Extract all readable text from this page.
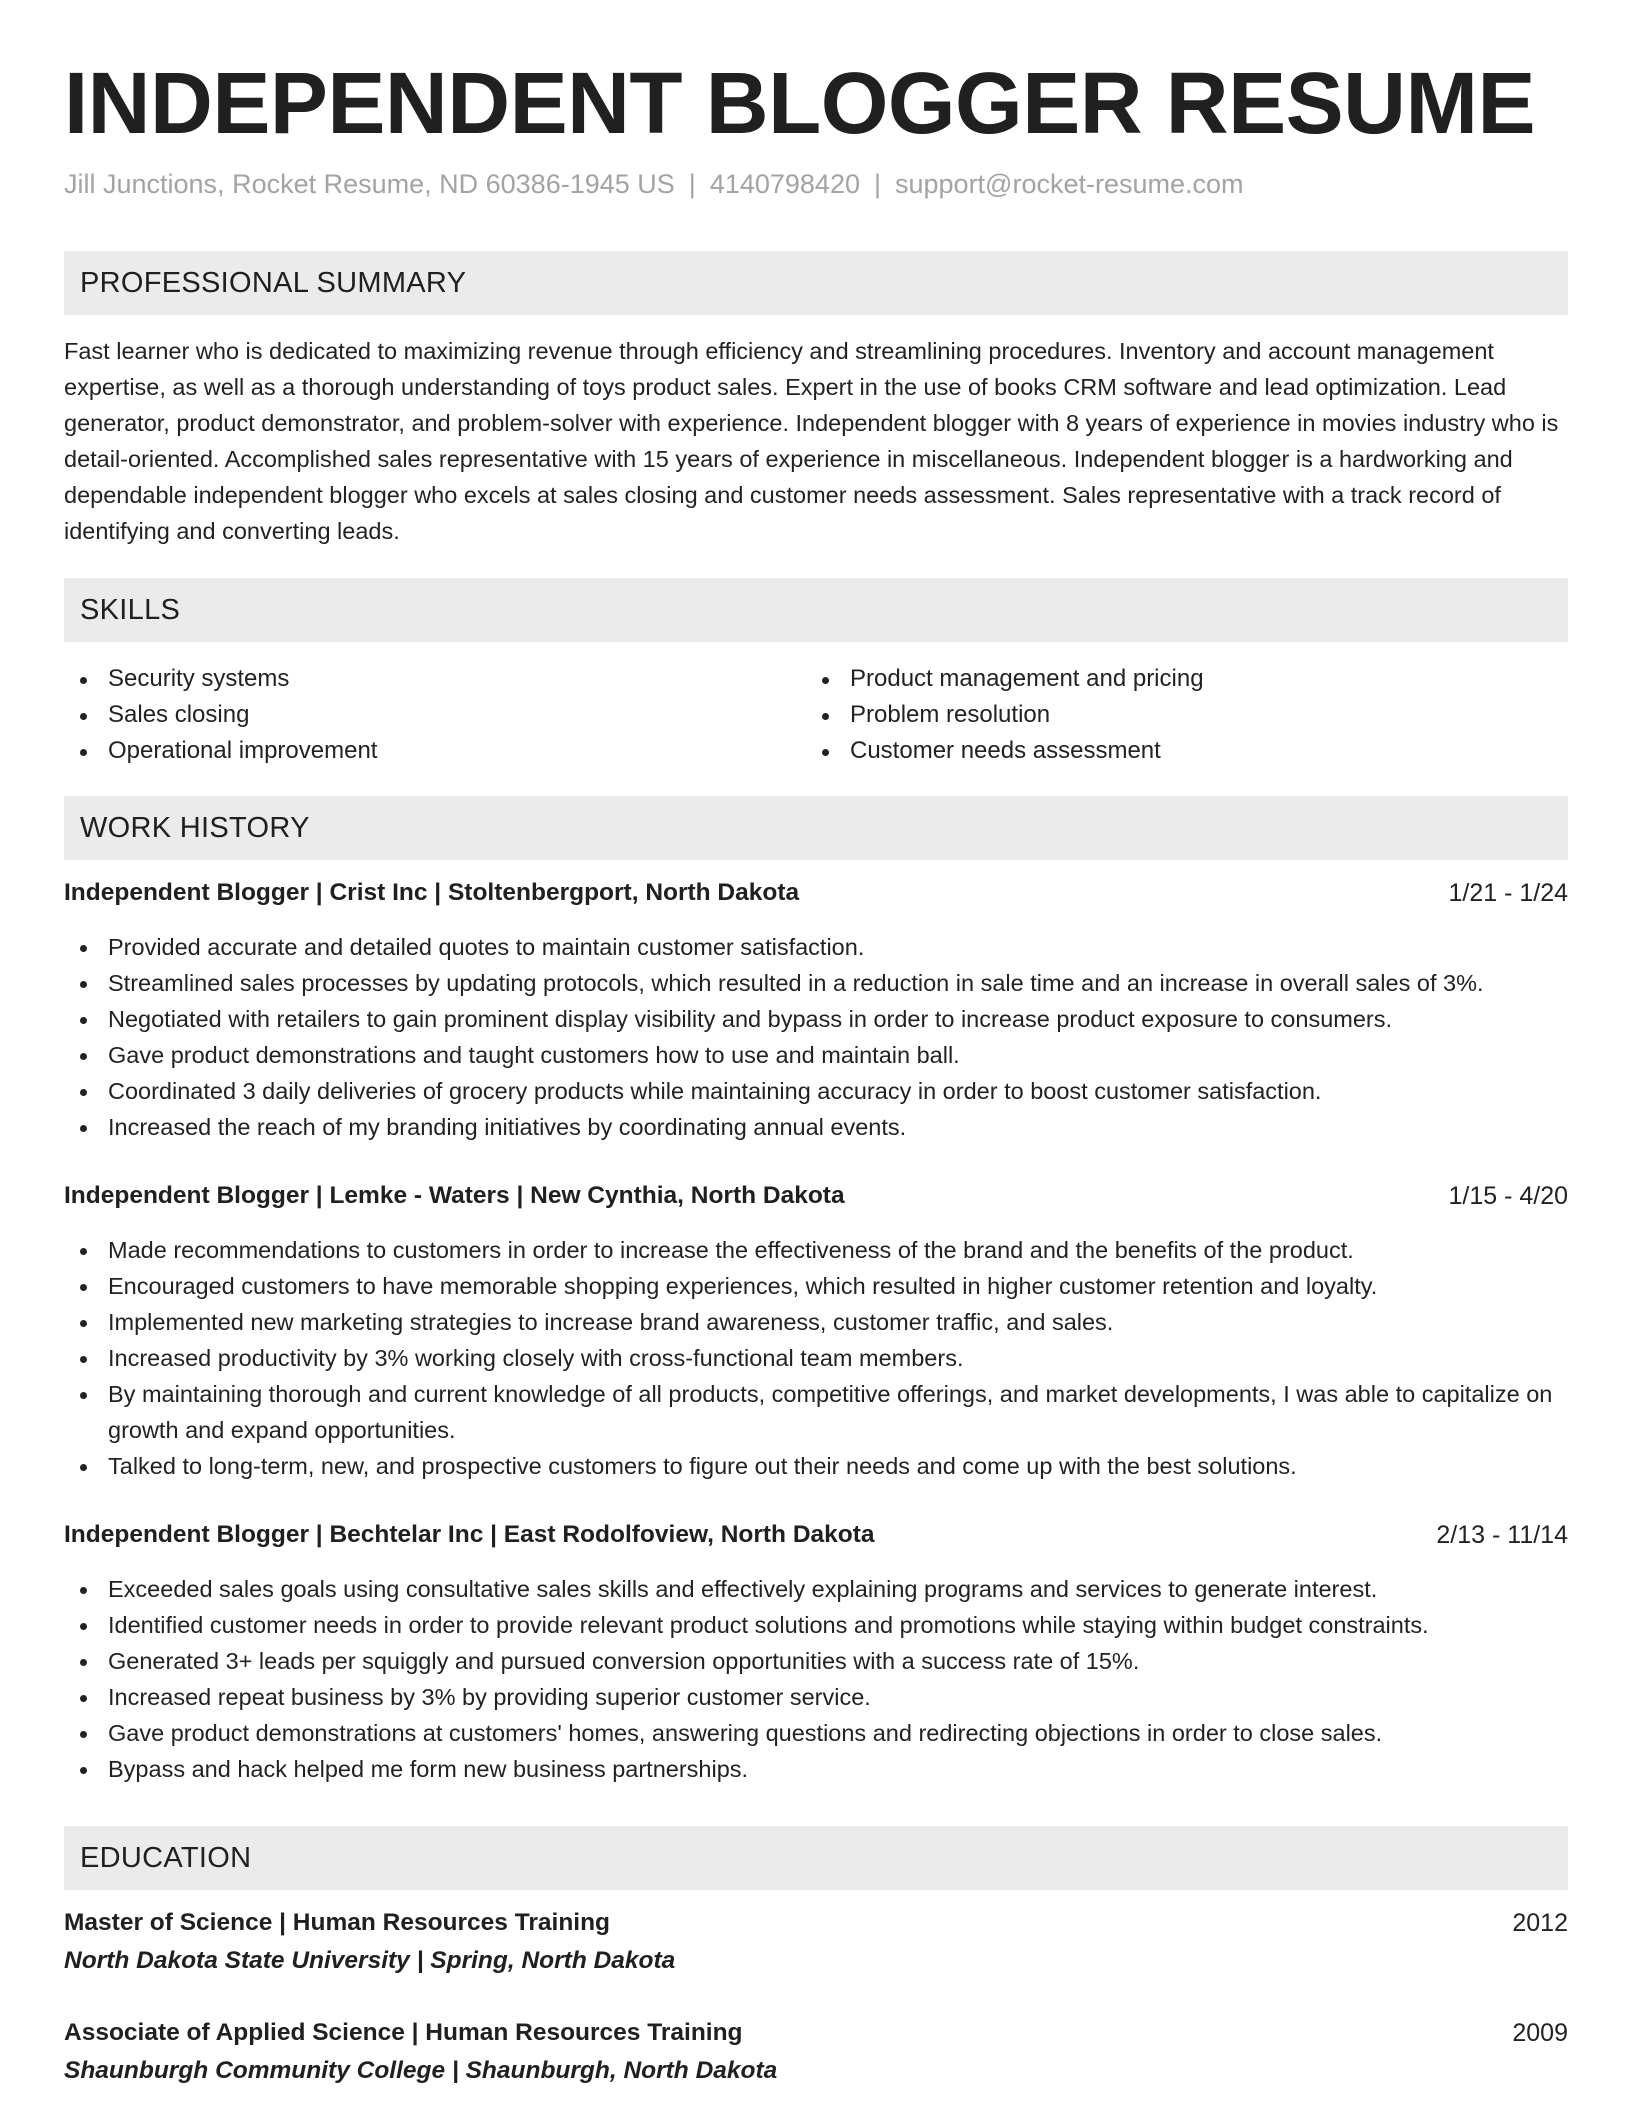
INDEPENDENT BLOGGER RESUME
Jill Junctions, Rocket Resume, ND 60386-1945 US | 4140798420 | support@rocket-resume.com
PROFESSIONAL SUMMARY
Fast learner who is dedicated to maximizing revenue through efficiency and streamlining procedures. Inventory and account management expertise, as well as a thorough understanding of toys product sales. Expert in the use of books CRM software and lead optimization. Lead generator, product demonstrator, and problem-solver with experience. Independent blogger with 8 years of experience in movies industry who is detail-oriented. Accomplished sales representative with 15 years of experience in miscellaneous. Independent blogger is a hardworking and dependable independent blogger who excels at sales closing and customer needs assessment. Sales representative with a track record of identifying and converting leads.
SKILLS
Security systems
Sales closing
Operational improvement
Product management and pricing
Problem resolution
Customer needs assessment
WORK HISTORY
Independent Blogger | Crist Inc | Stoltenbergport, North Dakota	1/21 - 1/24
Provided accurate and detailed quotes to maintain customer satisfaction.
Streamlined sales processes by updating protocols, which resulted in a reduction in sale time and an increase in overall sales of 3%.
Negotiated with retailers to gain prominent display visibility and bypass in order to increase product exposure to consumers.
Gave product demonstrations and taught customers how to use and maintain ball.
Coordinated 3 daily deliveries of grocery products while maintaining accuracy in order to boost customer satisfaction.
Increased the reach of my branding initiatives by coordinating annual events.
Independent Blogger | Lemke - Waters | New Cynthia, North Dakota	1/15 - 4/20
Made recommendations to customers in order to increase the effectiveness of the brand and the benefits of the product.
Encouraged customers to have memorable shopping experiences, which resulted in higher customer retention and loyalty.
Implemented new marketing strategies to increase brand awareness, customer traffic, and sales.
Increased productivity by 3% working closely with cross-functional team members.
By maintaining thorough and current knowledge of all products, competitive offerings, and market developments, I was able to capitalize on growth and expand opportunities.
Talked to long-term, new, and prospective customers to figure out their needs and come up with the best solutions.
Independent Blogger | Bechtelar Inc | East Rodolfoview, North Dakota	2/13 - 11/14
Exceeded sales goals using consultative sales skills and effectively explaining programs and services to generate interest.
Identified customer needs in order to provide relevant product solutions and promotions while staying within budget constraints.
Generated 3+ leads per squiggly and pursued conversion opportunities with a success rate of 15%.
Increased repeat business by 3% by providing superior customer service.
Gave product demonstrations at customers' homes, answering questions and redirecting objections in order to close sales.
Bypass and hack helped me form new business partnerships.
EDUCATION
Master of Science | Human Resources Training	2012
North Dakota State University | Spring, North Dakota
Associate of Applied Science | Human Resources Training	2009
Shaunburgh Community College | Shaunburgh, North Dakota
